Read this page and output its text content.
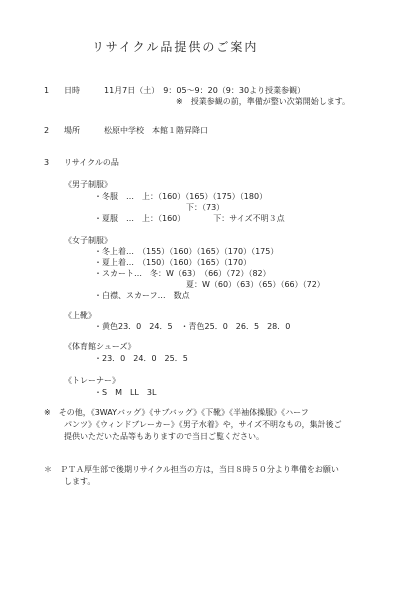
リサイクル品提供のご案内
1 日時	11月7日（土）　9：05～9：20（9：30より授業参観）
※　授業参観の前，準備が整い次第開始します。
2 場所	松原中学校　本館１階昇降口
3 リサイクルの品
《男子制服》
・冬服　…　上：（160）（165）（175）（180）
下：（73）
・夏服　…　上：（160）　　　　下：サイズ不明３点
《女子制服》
・冬上着…　（155）（160）（165）（170）（175）
・夏上着…　（150）（160）（165）（170）
・スカート…　冬：W（63）　（66）（72）（82）
夏：W（60）（63）（65）（66）（72）
・白襟、スカーフ…　数点
《上靴》
・黄色23．0　24．5　・青色25．0　26．5　28．0
《体育館シューズ》
・23．0　24．0　25．5
《トレーナー》
・S　M　LL　3L
※　その他，《3WAYバッグ》《サブバッグ》《下靴》《半袖体操服》《ハーフ
パンツ》《ウィンドブレーカー》《男子水着》や，サイズ不明なもの，集計後ご
提供いただいた品等もありますので当日ご覧ください。
＊　ＰＴＡ厚生部で後期リサイクル担当の方は，当日８時５０分より準備をお願い
します。
